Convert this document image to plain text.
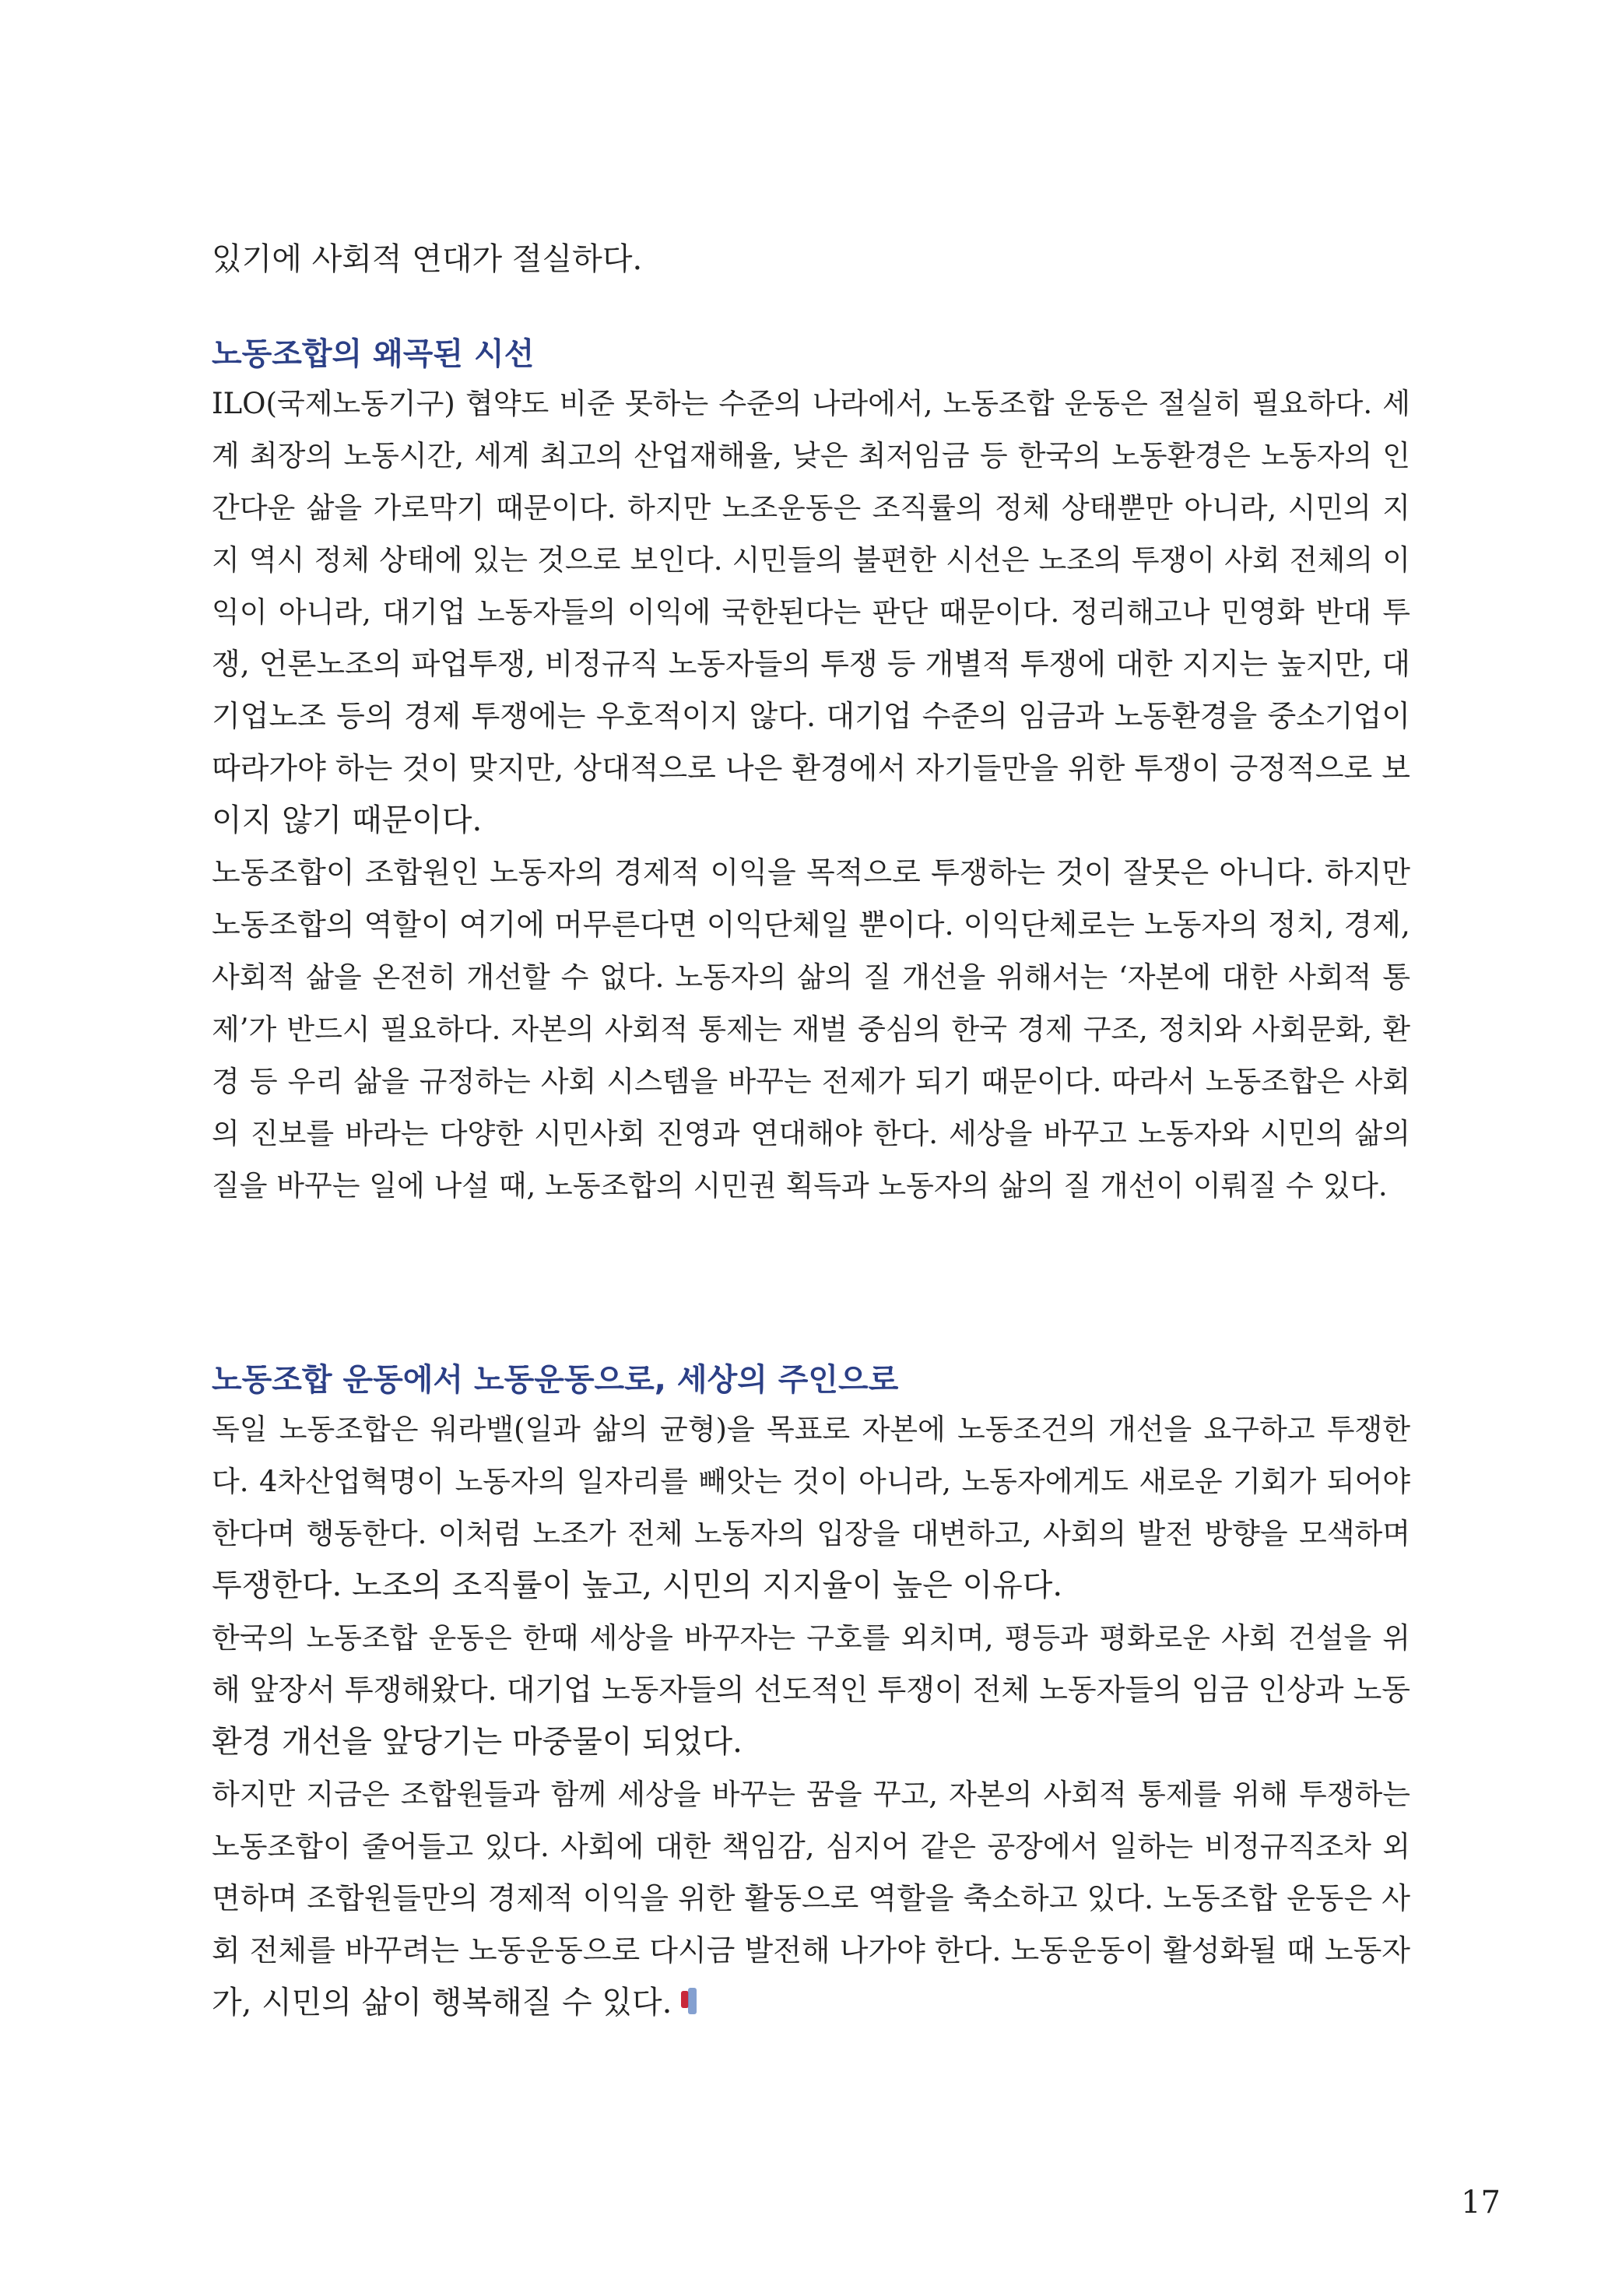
있기에 사회적 연대가 절실하다.
노동조합의 왜곡된 시선
ILO(국제노동기구) 협약도 비준 못하는 수준의 나라에서, 노동조합 운동은 절실히 필요하다. 세
계 최장의 노동시간, 세계 최고의 산업재해율, 낮은 최저임금 등 한국의 노동환경은 노동자의 인
간다운 삶을 가로막기 때문이다. 하지만 노조운동은 조직률의 정체 상태뿐만 아니라, 시민의 지
지 역시 정체 상태에 있는 것으로 보인다. 시민들의 불편한 시선은 노조의 투쟁이 사회 전체의 이
익이 아니라, 대기업 노동자들의 이익에 국한된다는 판단 때문이다. 정리해고나 민영화 반대 투
쟁, 언론노조의 파업투쟁, 비정규직 노동자들의 투쟁 등 개별적 투쟁에 대한 지지는 높지만, 대
기업노조 등의 경제 투쟁에는 우호적이지 않다. 대기업 수준의 임금과 노동환경을 중소기업이
따라가야 하는 것이 맞지만, 상대적으로 나은 환경에서 자기들만을 위한 투쟁이 긍정적으로 보
이지 않기 때문이다.
노동조합이 조합원인 노동자의 경제적 이익을 목적으로 투쟁하는 것이 잘못은 아니다. 하지만
노동조합의 역할이 여기에 머무른다면 이익단체일 뿐이다. 이익단체로는 노동자의 정치, 경제,
사회적 삶을 온전히 개선할 수 없다. 노동자의 삶의 질 개선을 위해서는 ‘자본에 대한 사회적 통
제’가 반드시 필요하다. 자본의 사회적 통제는 재벌 중심의 한국 경제 구조, 정치와 사회문화, 환
경 등 우리 삶을 규정하는 사회 시스템을 바꾸는 전제가 되기 때문이다. 따라서 노동조합은 사회
의 진보를 바라는 다양한 시민사회 진영과 연대해야 한다. 세상을 바꾸고 노동자와 시민의 삶의
질을 바꾸는 일에 나설 때, 노동조합의 시민권 획득과 노동자의 삶의 질 개선이 이뤄질 수 있다.
노동조합 운동에서 노동운동으로, 세상의 주인으로
독일 노동조합은 워라밸(일과 삶의 균형)을 목표로 자본에 노동조건의 개선을 요구하고 투쟁한
다. 4차산업혁명이 노동자의 일자리를 빼앗는 것이 아니라, 노동자에게도 새로운 기회가 되어야
한다며 행동한다. 이처럼 노조가 전체 노동자의 입장을 대변하고, 사회의 발전 방향을 모색하며
투쟁한다. 노조의 조직률이 높고, 시민의 지지율이 높은 이유다.
한국의 노동조합 운동은 한때 세상을 바꾸자는 구호를 외치며, 평등과 평화로운 사회 건설을 위
해 앞장서 투쟁해왔다. 대기업 노동자들의 선도적인 투쟁이 전체 노동자들의 임금 인상과 노동
환경 개선을 앞당기는 마중물이 되었다.
하지만 지금은 조합원들과 함께 세상을 바꾸는 꿈을 꾸고, 자본의 사회적 통제를 위해 투쟁하는
노동조합이 줄어들고 있다. 사회에 대한 책임감, 심지어 같은 공장에서 일하는 비정규직조차 외
면하며 조합원들만의 경제적 이익을 위한 활동으로 역할을 축소하고 있다. 노동조합 운동은 사
회 전체를 바꾸려는 노동운동으로 다시금 발전해 나가야 한다. 노동운동이 활성화될 때 노동자
가, 시민의 삶이 행복해질 수 있다.
17
